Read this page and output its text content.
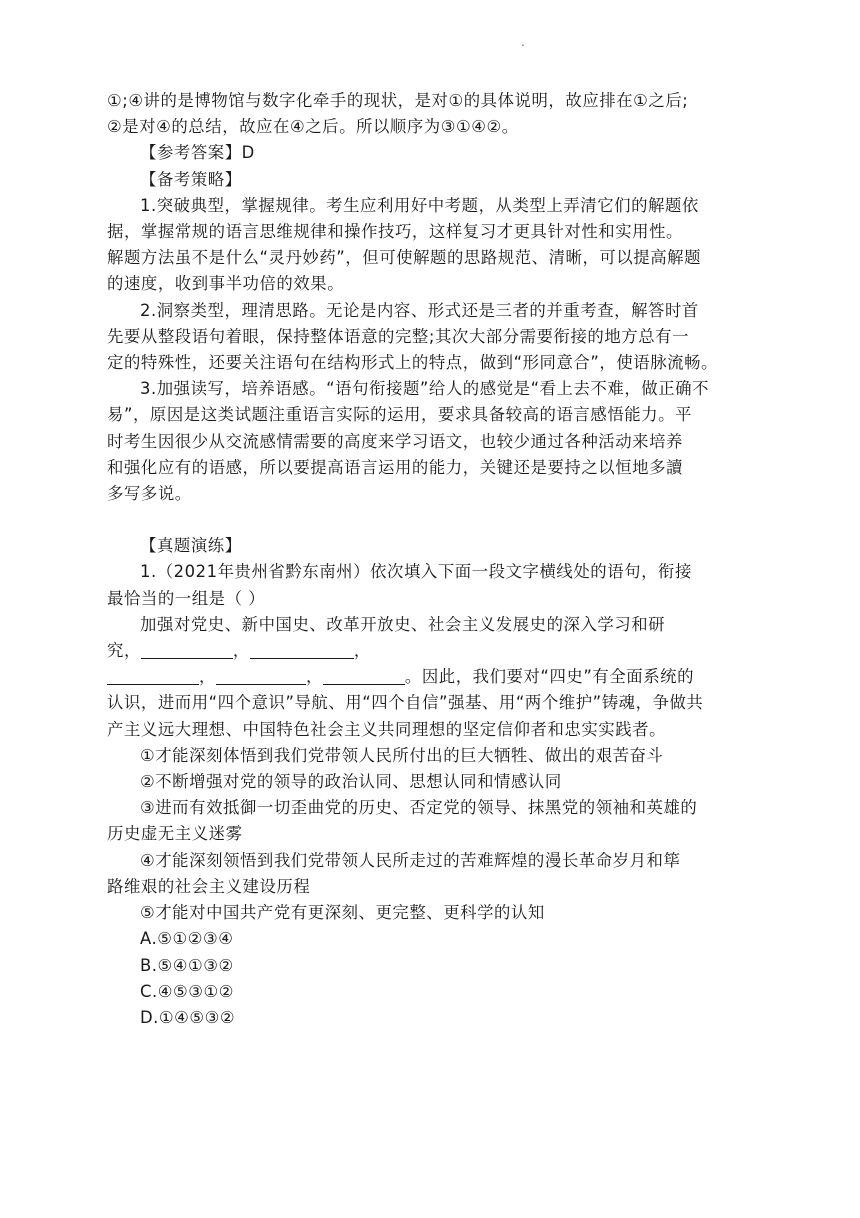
.

①;④讲的是博物馆与数字化牵手的现状，是对①的具体说明，故应排在①之后;

②是对④的总结，故应在④之后。所以顺序为③①④②。

【参考答案】D

【备考策略】

1.突破典型，掌握规律。考生应利用好中考题，从类型上弄清它们的解题依

据，掌握常规的语言思维规律和操作技巧，这样复习才更具针对性和实用性。

解题方法虽不是什么“灵丹妙药”，但可使解题的思路规范、清晰，可以提高解题

的速度，收到事半功倍的效果。

2.洞察类型，理清思路。无论是内容、形式还是三者的并重考查，解答时首

先要从整段语句着眼，保持整体语意的完整;其次大部分需要衔接的地方总有一

定的特殊性，还要关注语句在结构形式上的特点，做到“形同意合”，使语脉流畅。

3.加强读写，培养语感。“语句衔接题”给人的感觉是“看上去不难，做正确不

易”，原因是这类试题注重语言实际的运用，要求具备较高的语言感悟能力。平

时考生因很少从交流感情需要的高度来学习语文，也较少通过各种活动来培养

和强化应有的语感，所以要提高语言运用的能力，关键还是要持之以恒地多讀

多写多说。

【真题演练】

1.（2021年贵州省黔东南州）依次填入下面一段文字横线处的语句，衔接

最恰当的一组是（ ）

加强对党史、新中国史、改革开放史、社会主义发展史的深入学习和研

究，	，	，

，	，	。因此，我们要对“四史”有全面系统的

认识，进而用“四个意识”导航、用“四个自信”强基、用“两个维护”铸魂，争做共

产主义远大理想、中国特色社会主义共同理想的坚定信仰者和忠实实践者。

①才能深刻体悟到我们党带领人民所付出的巨大牺牲、做出的艰苦奋斗

②不断增强对党的领导的政治认同、思想认同和情感认同

③进而有效抵御一切歪曲党的历史、否定党的领导、抹黑党的领袖和英雄的

历史虚无主义迷雾

④才能深刻领悟到我们党带领人民所走过的苦难辉煌的漫长革命岁月和筚

路维艰的社会主义建设历程

⑤才能对中国共产党有更深刻、更完整、更科学的认知

A.⑤①②③④

B.⑤④①③②

C.④⑤③①②

D.①④⑤③②
